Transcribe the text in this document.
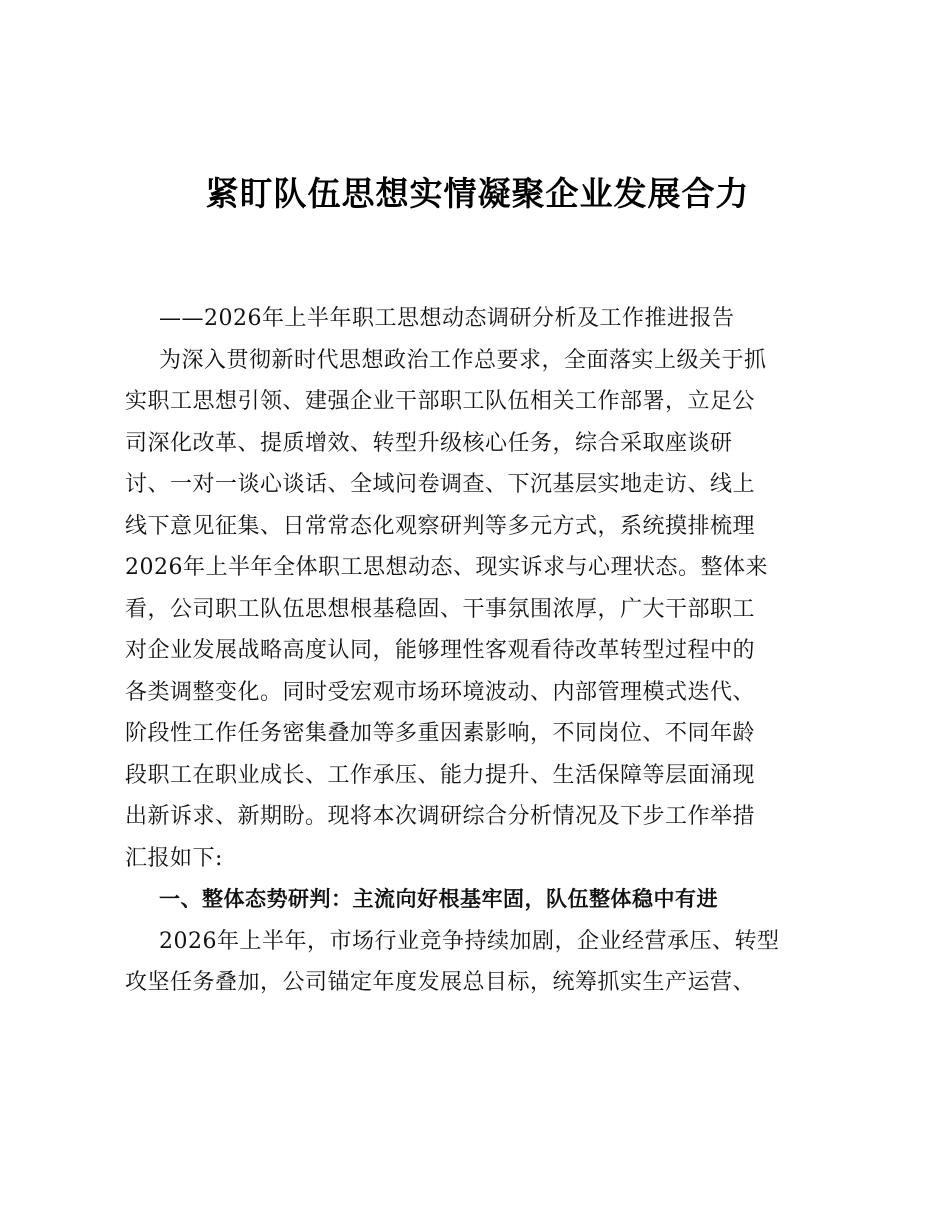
紧盯队伍思想实情凝聚企业发展合力
——2026年上半年职工思想动态调研分析及工作推进报告
为深入贯彻新时代思想政治工作总要求，全面落实上级关于抓
实职工思想引领、建强企业干部职工队伍相关工作部署，立足公
司深化改革、提质增效、转型升级核心任务，综合采取座谈研
讨、一对一谈心谈话、全域问卷调查、下沉基层实地走访、线上
线下意见征集、日常常态化观察研判等多元方式，系统摸排梳理
2026年上半年全体职工思想动态、现实诉求与心理状态。整体来
看，公司职工队伍思想根基稳固、干事氛围浓厚，广大干部职工
对企业发展战略高度认同，能够理性客观看待改革转型过程中的
各类调整变化。同时受宏观市场环境波动、内部管理模式迭代、
阶段性工作任务密集叠加等多重因素影响，不同岗位、不同年龄
段职工在职业成长、工作承压、能力提升、生活保障等层面涌现
出新诉求、新期盼。现将本次调研综合分析情况及下步工作举措
汇报如下:
一、整体态势研判：主流向好根基牢固，队伍整体稳中有进
2026年上半年，市场行业竞争持续加剧，企业经营承压、转型
攻坚任务叠加，公司锚定年度发展总目标，统筹抓实生产运营、
